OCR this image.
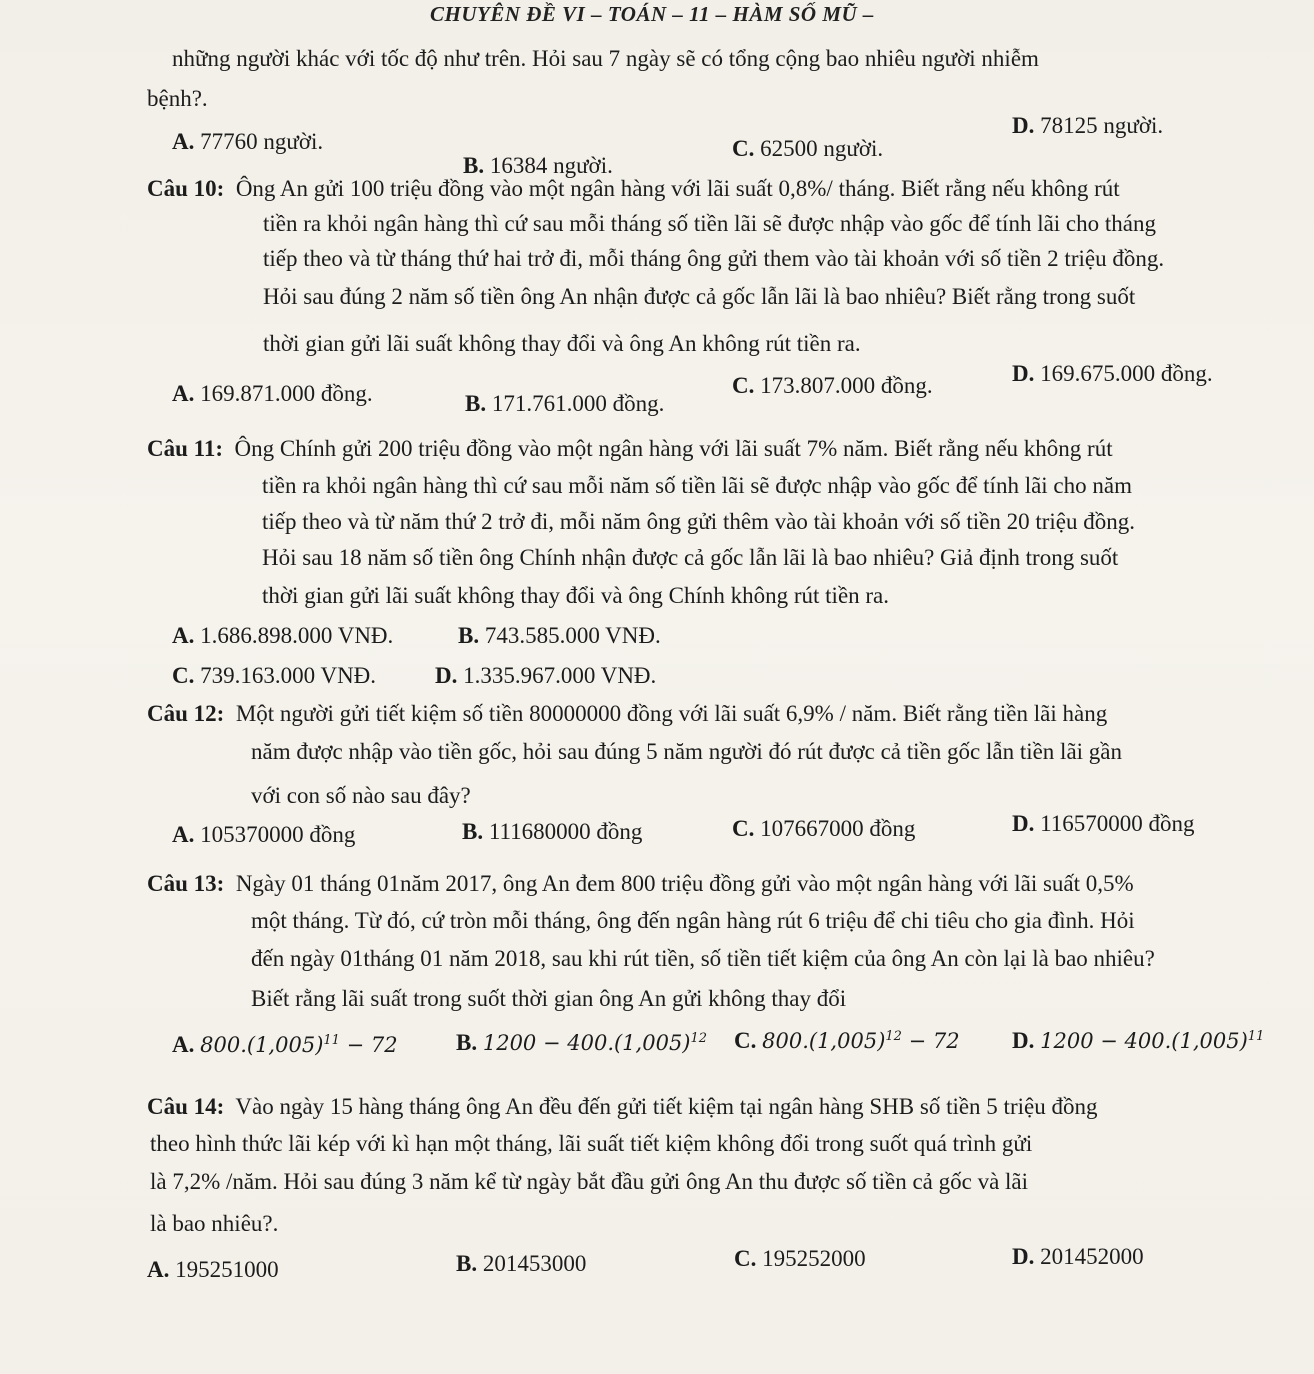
CHUYÊN ĐỀ VI – TOÁN – 11 – HÀM SỐ MŨ –
những người khác với tốc độ như trên. Hỏi sau 7 ngày sẽ có tổng cộng bao nhiêu người nhiễm
bệnh?.
A. 77760 người.
B. 16384 người.
C. 62500 người.
D. 78125 người.
Câu 10: Ông An gửi 100 triệu đồng vào một ngân hàng với lãi suất 0,8%/ tháng. Biết rằng nếu không rút
tiền ra khỏi ngân hàng thì cứ sau mỗi tháng số tiền lãi sẽ được nhập vào gốc để tính lãi cho tháng
tiếp theo và từ tháng thứ hai trở đi, mỗi tháng ông gửi them vào tài khoản với số tiền 2 triệu đồng.
Hỏi sau đúng 2 năm số tiền ông An nhận được cả gốc lẫn lãi là bao nhiêu? Biết rằng trong suốt
thời gian gửi lãi suất không thay đổi và ông An không rút tiền ra.
A. 169.871.000 đồng.	B. 171.761.000 đồng.
C. 173.807.000 đồng.	D. 169.675.000 đồng.
Câu 11: Ông Chính gửi 200 triệu đồng vào một ngân hàng với lãi suất 7% năm. Biết rằng nếu không rút
tiền ra khỏi ngân hàng thì cứ sau mỗi năm số tiền lãi sẽ được nhập vào gốc để tính lãi cho năm
tiếp theo và từ năm thứ 2 trở đi, mỗi năm ông gửi thêm vào tài khoản với số tiền 20 triệu đồng.
Hỏi sau 18 năm số tiền ông Chính nhận được cả gốc lẫn lãi là bao nhiêu? Giả định trong suốt
thời gian gửi lãi suất không thay đổi và ông Chính không rút tiền ra.
A. 1.686.898.000 VNĐ.	B. 743.585.000 VNĐ.
C. 739.163.000 VNĐ.	D. 1.335.967.000 VNĐ.
Câu 12: Một người gửi tiết kiệm số tiền 80000000 đồng với lãi suất 6,9% / năm. Biết rằng tiền lãi hàng
năm được nhập vào tiền gốc, hỏi sau đúng 5 năm người đó rút được cả tiền gốc lẫn tiền lãi gần
với con số nào sau đây?
A. 105370000 đồng	B. 111680000 đồng	C. 107667000 đồng	D. 116570000 đồng
Câu 13: Ngày 01 tháng 01năm 2017, ông An đem 800 triệu đồng gửi vào một ngân hàng với lãi suất 0,5%
một tháng. Từ đó, cứ tròn mỗi tháng, ông đến ngân hàng rút 6 triệu để chi tiêu cho gia đình. Hỏi
đến ngày 01tháng 01 năm 2018, sau khi rút tiền, số tiền tiết kiệm của ông An còn lại là bao nhiêu?
Biết rằng lãi suất trong suốt thời gian ông An gửi không thay đổi
A. $800.(1,005)^{11} - 72$	B. $1200 - 400.(1,005)^{12}$ C. $800.(1,005)^{12} - 72$ D. $1200 - 400.(1,005)^{11}$
Câu 14: Vào ngày 15 hàng tháng ông An đều đến gửi tiết kiệm tại ngân hàng SHB số tiền 5 triệu đồng
theo hình thức lãi kép với kì hạn một tháng, lãi suất tiết kiệm không đổi trong suốt quá trình gửi
là 7,2% /năm. Hỏi sau đúng 3 năm kể từ ngày bắt đầu gửi ông An thu được số tiền cả gốc và lãi
là bao nhiêu?.
A. 195251000	B. 201453000	C. 195252000	D. 201452000
